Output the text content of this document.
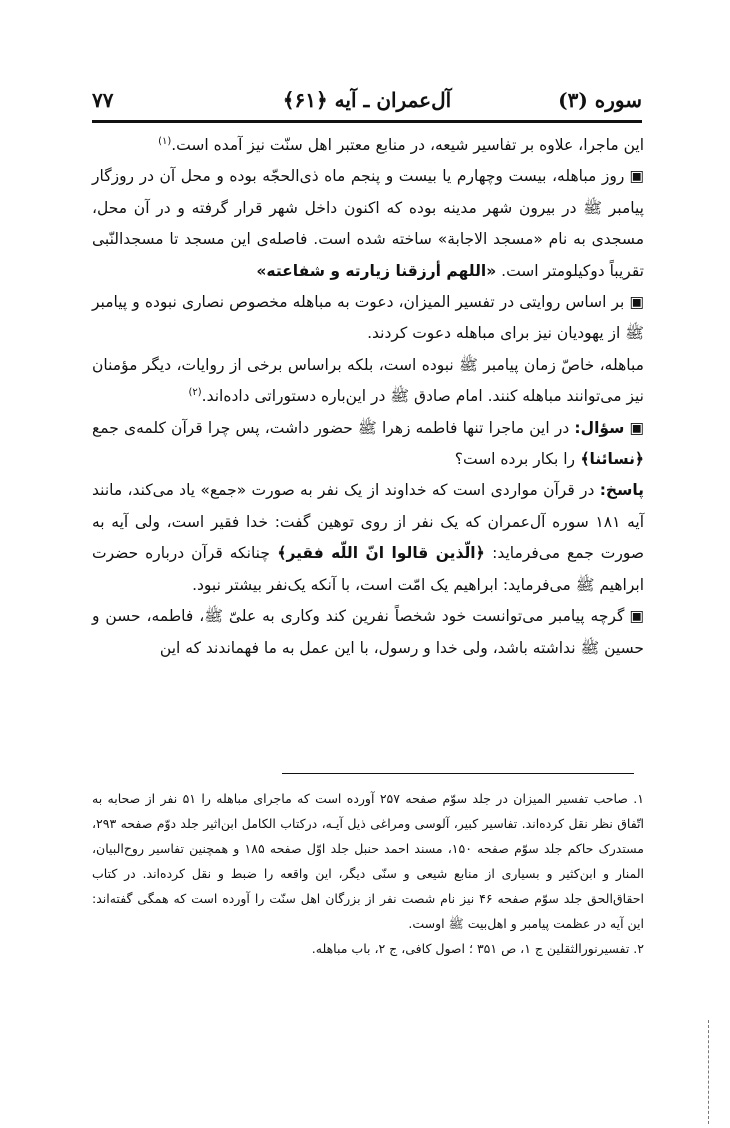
سوره (۳)
آل‌عمران ـ آیه ﴿۶۱﴾
۷۷

این ماجرا، علاوه بر تفاسیر شیعه، در منابع معتبر اهل سنّت نیز آمده است.$^{(۱)}$

▣ روز مباهله، بیست وچهارم یا بیست و پنجم ماه ذی‌الحجّه بوده و محل آن در روزگار پیامبر ﷺ در بیرون شهر مدینه بوده که اکنون داخل شهر قرار گرفته و در آن محل، مسجدی به نام «مسجد الاجابة» ساخته شده است. فاصله‌ی این مسجد تا مسجدالنّبی تقریباً دوکیلومتر است. «اللهم أرزقنا زیارته و شفاعته»

▣ بر اساس روایتی در تفسیر المیزان، دعوت به مباهله مخصوص نصاری نبوده و پیامبر ﷺ از یهودیان نیز برای مباهله دعوت کردند.

مباهله، خاصّ زمان پیامبر ﷺ نبوده است، بلکه براساس برخی از روایات، دیگر مؤمنان نیز می‌توانند مباهله کنند. امام صادق ﷺ در این‌باره دستوراتی داده‌اند.$^{(۲)}$

▣ سؤال: در این ماجرا تنها فاطمه زهرا ﷺ حضور داشت، پس چرا قرآن کلمه‌ی جمع ﴿نسائنا﴾ را بکار برده است؟

پاسخ: در قرآن مواردی است که خداوند از یک نفر به صورت «جمع» یاد می‌کند، مانند آیه ۱۸۱ سوره آل‌عمران که یک نفر از روی توهین گفت: خدا فقیر است، ولی آیه به صورت جمع می‌فرماید: ﴿الّذین قالوا انّ اللّه فقیر﴾ چنانکه قرآن درباره حضرت ابراهیم ﷺ می‌فرماید: ابراهیم یک امّت است، با آنکه یک‌نفر بیشتر نبود.

▣ گرچه پیامبر می‌توانست خود شخصاً نفرین کند وکاری به علیّ ﷺ، فاطمه، حسن و حسین ﷺ نداشته باشد، ولی خدا و رسول، با این عمل به ما فهماندند که این

۱. صاحب تفسیر المیزان در جلد سوّم صفحه ۲۵۷ آورده است که ماجرای مباهله را ۵۱ نفر از صحابه به اتّفاق نظر نقل کرده‌اند. تفاسیر کبیر، آلوسی ومراغی ذیل آیـه، درکتاب الکامل ابن‌اثیر جلد دوّم صفحه ۲۹۳، مستدرک حاکم جلد سوّم صفحه ۱۵۰، مسند احمد حنبل جلد اوّل صفحه ۱۸۵ و همچنین تفاسیر روح‌البیان، المنار و ابن‌کثیر و بسیاری از منابع شیعی و سنّی دیگر، این واقعه را ضبط و نقل کرده‌اند. در کتاب احقاق‌الحق جلد سوّم صفحه ۴۶ نیز نام شصت نفر از بزرگان اهل سنّت را آورده است که همگی گفته‌اند: این آیه در عظمت پیامبر و اهل‌بیت ﷺ اوست.

۲. تفسیرنورالثقلین ج ۱، ص ۳۵۱ ؛ اصول کافی، ج ۲، باب مباهله.
